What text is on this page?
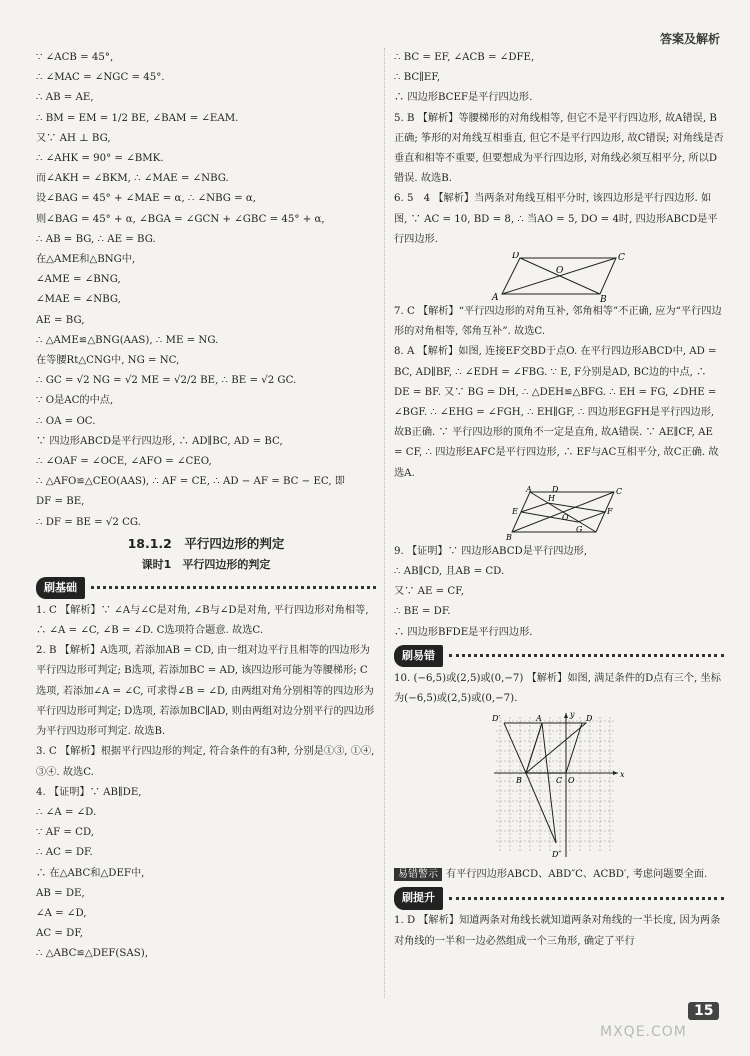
答案及解析
∵ ∠ACB = 45°,
∴ ∠MAC = ∠NGC = 45°.
∴ AB = AE,
∴ BM = EM = 1/2 BE, ∠BAM = ∠EAM.
又∵ AH ⊥ BG,
∴ ∠AHK = 90° = ∠BMK.
而∠AKH = ∠BKM, ∴ ∠MAE = ∠NBG.
设∠BAG = 45° + ∠MAE = α, ∴ ∠NBG = α,
则∠BAG = 45° + α, ∠BGA = ∠GCN + ∠GBC = 45° + α,
∴ AB = BG, ∴ AE = BG.
在△AME和△BNG中,
∠AME = ∠BNG,
∠MAE = ∠NBG,
AE = BG,
∴ △AME≌△BNG(AAS), ∴ ME = NG.
在等腰Rt△CNG中, NG = NC,
∴ GC = √2 NG = √2 ME = √2/2 BE, ∴ BE = √2 GC.
∵ O是AC的中点,
∴ OA = OC.
∵ 四边形ABCD是平行四边形, ∴ AD∥BC, AD = BC,
∴ ∠OAF = ∠OCE, ∠AFO = ∠CEO,
∴ △AFO≌△CEO(AAS), ∴ AF = CE, ∴ AD − AF = BC − EC, 即
DF = BE,
∴ DF = BE = √2 CG.
18.1.2　平行四边形的判定
课时1　平行四边形的判定
刷基础
1. C 【解析】∵ ∠A与∠C是对角, ∠B与∠D是对角, 平行四边形对角相等, ∴ ∠A = ∠C, ∠B = ∠D. C选项符合题意. 故选C.
2. B 【解析】A选项, 若添加AB = CD, 由一组对边平行且相等的四边形为平行四边形可判定; B选项, 若添加BC = AD, 该四边形可能为等腰梯形; C选项, 若添加∠A = ∠C, 可求得∠B = ∠D, 由两组对角分别相等的四边形为平行四边形可判定; D选项, 若添加BC∥AD, 则由两组对边分别平行的四边形为平行四边形可判定. 故选B.
3. C 【解析】根据平行四边形的判定, 符合条件的有3种, 分别是①③, ①④, ③④. 故选C.
4. 【证明】∵ AB∥DE,
∴ ∠A = ∠D.
∵ AF = CD,
∴ AC = DF.
∴ 在△ABC和△DEF中,
AB = DE,
∠A = ∠D,
AC = DF,
∴ △ABC≌△DEF(SAS),
∴ BC = EF, ∠ACB = ∠DFE,
∴ BC∥EF,
∴ 四边形BCEF是平行四边形.
5. B 【解析】等腰梯形的对角线相等, 但它不是平行四边形, 故A错误, B正确; 筝形的对角线互相垂直, 但它不是平行四边形, 故C错误; 对角线是否垂直和相等不重要, 但要想成为平行四边形, 对角线必须互相平分, 所以D错误. 故选B.
6. 5　4 【解析】当两条对角线互相平分时, 该四边形是平行四边形. 如图, ∵ AC = 10, BD = 8, ∴ 当AO = 5, DO = 4时, 四边形ABCD是平行四边形.
D	C
A	B
O
7. C 【解析】“平行四边形的对角互补, 邻角相等”不正确, 应为“平行四边形的对角相等, 邻角互补”. 故选C.
8. A 【解析】如图, 连接EF交BD于点O. 在平行四边形ABCD中, AD = BC, AD∥BF, ∴ ∠EDH = ∠FBG. ∵ E, F分别是AD, BC边的中点, ∴ DE = BF. 又∵ BG = DH, ∴ △DEH≌△BFG. ∴ EH = FG, ∠DHE = ∠BGF. ∴ ∠EHG = ∠FGH, ∴ EH∥GF, ∴ 四边形EGFH是平行四边形, 故B正确. ∵ 平行四边形的顶角不一定是直角, 故A错误. ∵ AE∥CF, AE = CF, ∴ 四边形EAFC是平行四边形, ∴ EF与AC互相平分, 故C正确. 故选A.
A	D
H
C
E
O
F
B
G
9. 【证明】∵ 四边形ABCD是平行四边形,
∴ AB∥CD, 且AB = CD.
又∵ AE = CF,
∴ BE = DF.
∴ 四边形BFDE是平行四边形.
刷易错
10. (−6,5)或(2,5)或(0,−7) 【解析】如图, 满足条件的D点有三个, 坐标为(−6,5)或(2,5)或(0,−7).
D′	A	D
y
B	O
C
x
D″
易错警示 有平行四边形ABCD、ABD″C、ACBD′, 考虑问题要全面.
刷提升
1. D 【解析】知道两条对角线长就知道两条对角线的一半长度, 因为两条对角线的一半和一边必然组成一个三角形, 确定了平行
15
MXQE.COM
